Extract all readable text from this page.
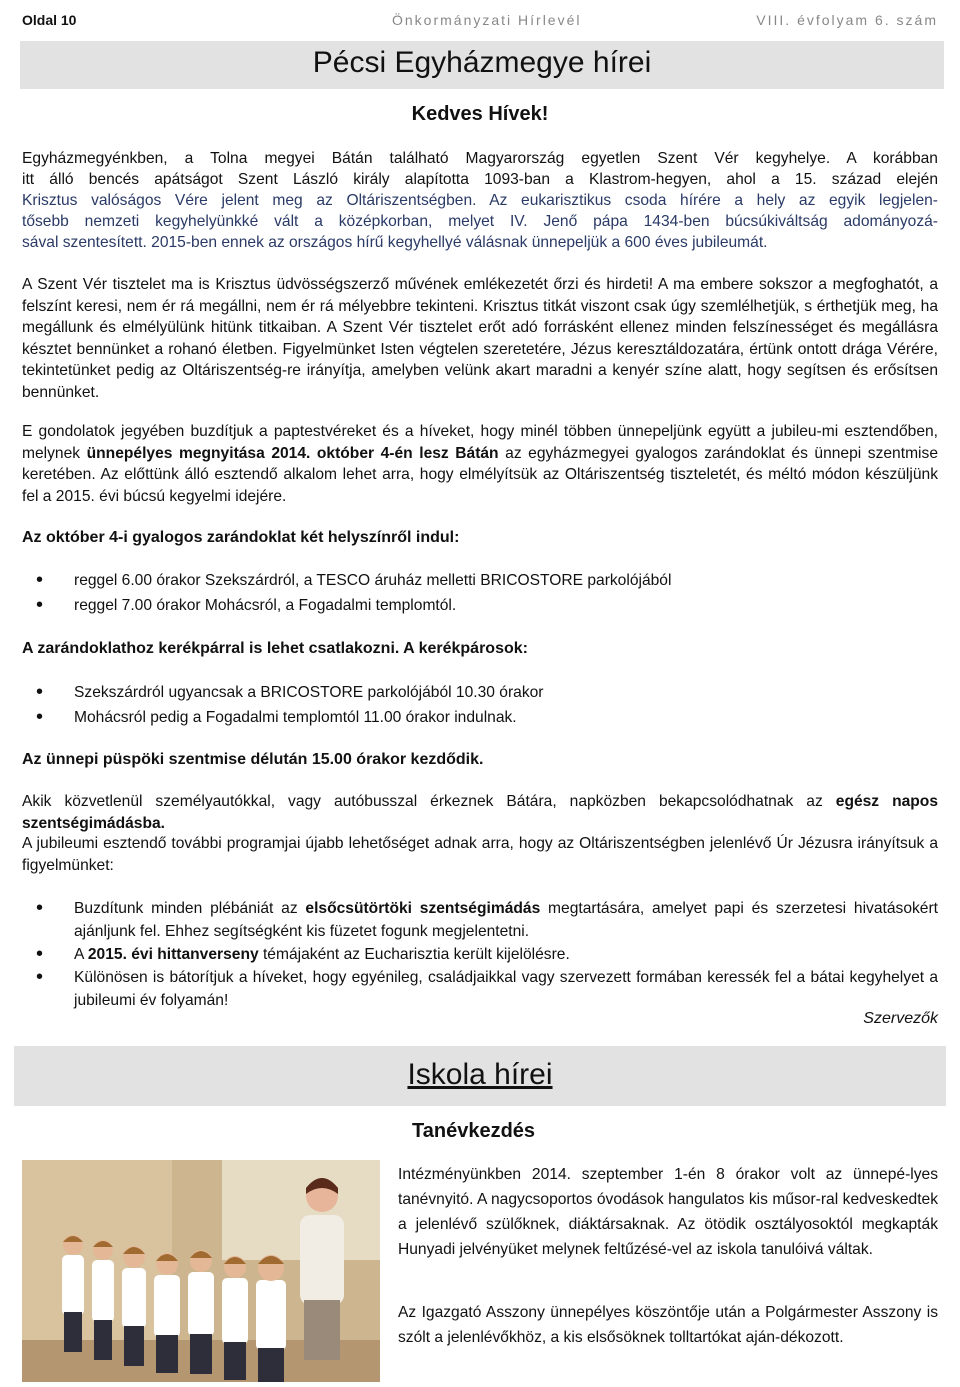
Oldal 10	Önkormányzati Hírlevél	VIII. évfolyam 6. szám
Pécsi Egyházmegye hírei
Kedves Hívek!
Egyházmegyénkben, a Tolna megyei Bátán található Magyarország egyetlen Szent Vér kegyhelye. A korábban
itt álló bencés apátságot Szent László király alapította 1093-ban a Klastrom-hegyen, ahol a 15. század elején
Krisztus valóságos Vére jelent meg az Oltáriszentségben. Az eukarisztikus csoda hírére a hely az egyik legjelen-
tősebb nemzeti kegyhelyünkké vált a középkorban, melyet IV. Jenő pápa 1434-ben búcsúkiváltság adományozá-
sával szentesített. 2015-ben ennek az országos hírű kegyhellyé válásnak ünnepeljük a 600 éves jubileumát.
A Szent Vér tisztelet ma is Krisztus üdvösségszerző művének emlékezetét őrzi és hirdeti! A ma embere sokszor a megfoghatót, a felszínt keresi, nem ér rá megállni, nem ér rá mélyebbre tekinteni. Krisztus titkát viszont csak úgy szemlélhetjük, s érthetjük meg, ha megállunk és elmélyülünk hitünk titkaiban. A Szent Vér tisztelet erőt adó forrásként ellenez minden felszínességet és megállásra késztet bennünket a rohanó életben. Figyelmünket Isten végtelen szeretetére, Jézus keresztáldozatára, értünk ontott drága Vérére, tekintetünket pedig az Oltáriszentség-re irányítja, amelyben velünk akart maradni a kenyér színe alatt, hogy segítsen és erősítsen bennünket.
E gondolatok jegyében buzdítjuk a paptestvéreket és a híveket, hogy minél többen ünnepeljünk együtt a jubileu-mi esztendőben, melynek ünnepélyes megnyitása 2014. október 4-én lesz Bátán az egyházmegyei gyalogos zarándoklat és ünnepi szentmise keretében. Az előttünk álló esztendő alkalom lehet arra, hogy elmélyítsük az Oltáriszentség tiszteletét, és méltó módon készüljünk fel a 2015. évi búcsú kegyelmi idejére.
Az október 4-i gyalogos zarándoklat két helyszínről indul:
• reggel 6.00 órakor Szekszárdról, a TESCO áruház melletti BRICOSTORE parkolójából
• reggel 7.00 órakor Mohácsról, a Fogadalmi templomtól.
A zarándoklathoz kerékpárral is lehet csatlakozni. A kerékpárosok:
• Szekszárdról ugyancsak a BRICOSTORE parkolójából 10.30 órakor
• Mohácsról pedig a Fogadalmi templomtól 11.00 órakor indulnak.
Az ünnepi püspöki szentmise délután 15.00 órakor kezdődik.
Akik közvetlenül személyautókkal, vagy autóbusszal érkeznek Bátára, napközben bekapcsolódhatnak az egész napos szentségimádásba.
A jubileumi esztendő további programjai újabb lehetőséget adnak arra, hogy az Oltáriszentségben jelenlévő Úr Jézusra irányítsuk a figyelmünket:
• Buzdítunk minden plébániát az elsőcsütörtöki szentségimádás megtartására, amelyet papi és szerzetesi hivatásokért ajánljunk fel. Ehhez segítségként kis füzetet fogunk megjelentetni.
• A 2015. évi hittanverseny témájaként az Eucharisztia került kijelölésre.
• Különösen is bátorítjuk a híveket, hogy egyénileg, családjaikkal vagy szervezett formában keressék fel a bátai kegyhelyet a jubileumi év folyamán!
Szervezők
Iskola hírei
Tanévkezdés
Intézményünkben 2014. szeptember 1-én 8 órakor volt az ünnepé-lyes tanévnyitó. A nagycsoportos óvodások hangulatos kis műsor-ral kedveskedtek a jelenlévő szülőknek, diáktársaknak. Az ötödik osztályosoktól megkapták Hunyadi jelvényüket melynek feltűzésé-vel az iskola tanulóivá váltak.
Az Igazgató Asszony ünnepélyes köszöntője után a Polgármester Asszony is szólt a jelenlévőkhöz, a kis elsősöknek tolltartókat aján-dékozott.
